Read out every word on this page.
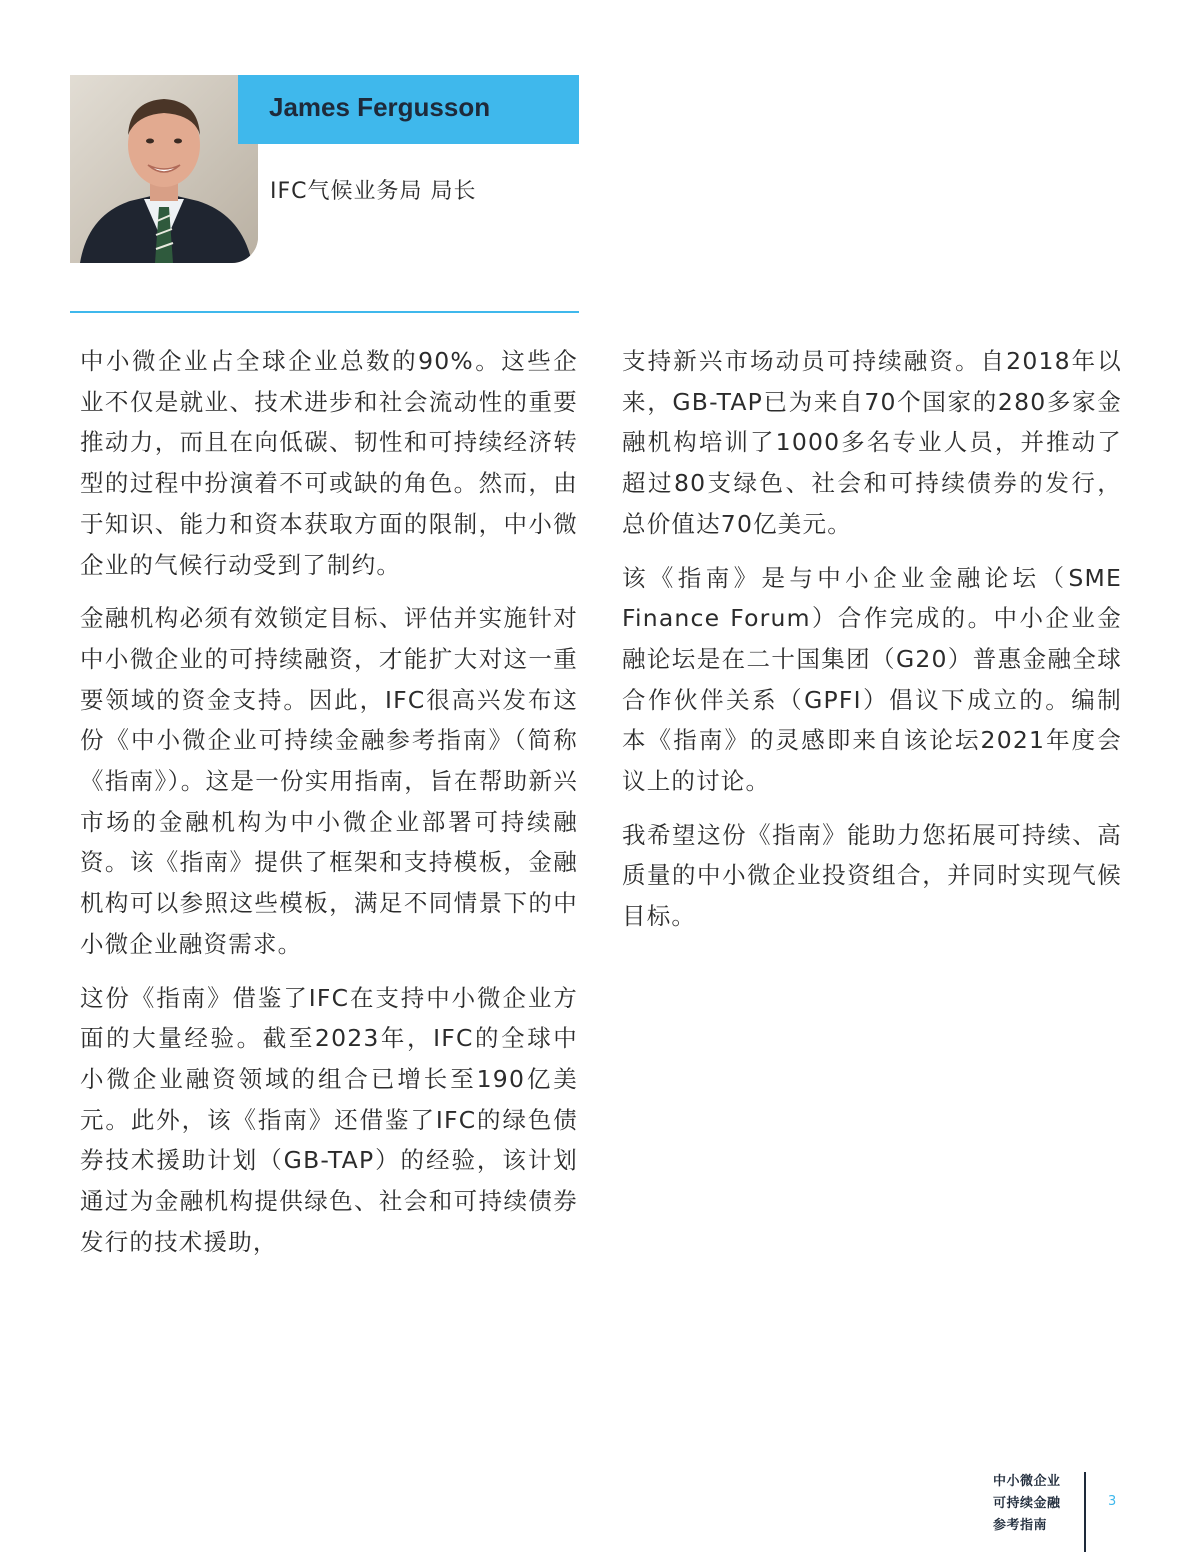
James Fergusson
IFC气候业务局 局长

中小微企业占全球企业总数的90%。这些企业不仅是就业、技术进步和社会流动性的重要推动力，而且在向低碳、韧性和可持续经济转型的过程中扮演着不可或缺的角色。然而，由于知识、能力和资本获取方面的限制，中小微企业的气候行动受到了制约。

金融机构必须有效锁定目标、评估并实施针对中小微企业的可持续融资，才能扩大对这一重要领域的资金支持。因此，IFC很高兴发布这份《中小微企业可持续金融参考指南》（简称《指南》）。这是一份实用指南，旨在帮助新兴市场的金融机构为中小微企业部署可持续融资。该《指南》提供了框架和支持模板，金融机构可以参照这些模板，满足不同情景下的中小微企业融资需求。

这份《指南》借鉴了IFC在支持中小微企业方面的大量经验。截至2023年，IFC的全球中小微企业融资领域的组合已增长至190亿美元。此外，该《指南》还借鉴了IFC的绿色债券技术援助计划（GB-TAP）的经验，该计划通过为金融机构提供绿色、社会和可持续债券发行的技术援助，

支持新兴市场动员可持续融资。自2018年以来，GB-TAP已为来自70个国家的280多家金融机构培训了1000多名专业人员，并推动了超过80支绿色、社会和可持续债券的发行，总价值达70亿美元。

该《指南》是与中小企业金融论坛（SME Finance Forum）合作完成的。中小企业金融论坛是在二十国集团（G20）普惠金融全球合作伙伴关系（GPFI）倡议下成立的。编制本《指南》的灵感即来自该论坛2021年度会议上的讨论。

我希望这份《指南》能助力您拓展可持续、高质量的中小微企业投资组合，并同时实现气候目标。

中小微企业
可持续金融
参考指南
3
